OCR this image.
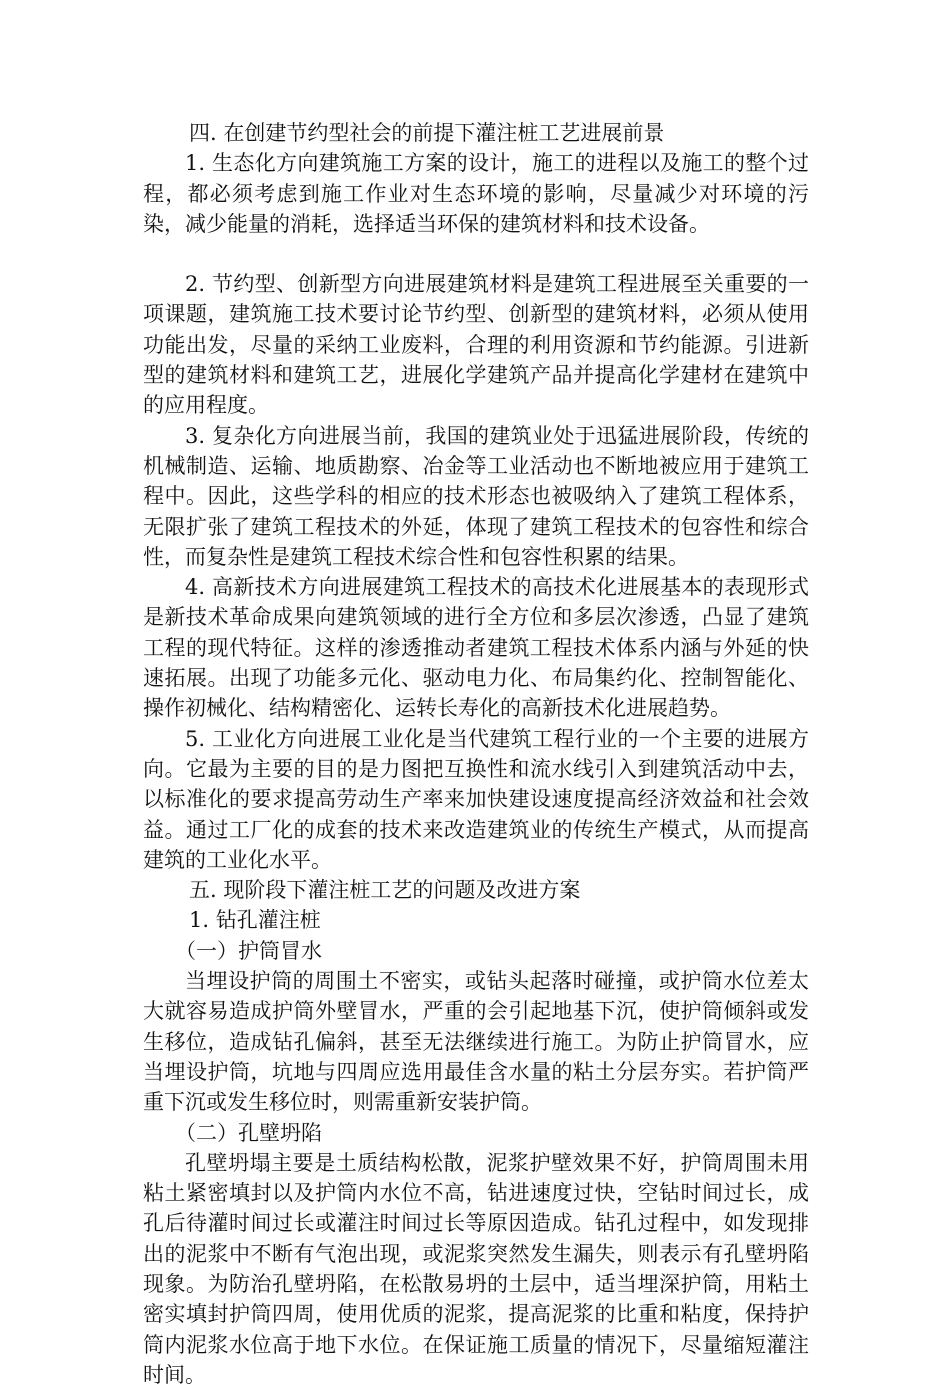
四. 在创建节约型社会的前提下灌注桩工艺进展前景

1. 生态化方向建筑施工方案的设计，施工的进程以及施工的整个过程，都必须考虑到施工作业对生态环境的影响，尽量减少对环境的污染，减少能量的消耗，选择适当环保的建筑材料和技术设备。

2. 节约型、创新型方向进展建筑材料是建筑工程进展至关重要的一项课题，建筑施工技术要讨论节约型、创新型的建筑材料，必须从使用功能出发，尽量的采纳工业废料，合理的利用资源和节约能源。引进新型的建筑材料和建筑工艺，进展化学建筑产品并提高化学建材在建筑中的应用程度。

3. 复杂化方向进展当前，我国的建筑业处于迅猛进展阶段，传统的机械制造、运输、地质勘察、冶金等工业活动也不断地被应用于建筑工程中。因此，这些学科的相应的技术形态也被吸纳入了建筑工程体系，无限扩张了建筑工程技术的外延，体现了建筑工程技术的包容性和综合性，而复杂性是建筑工程技术综合性和包容性积累的结果。

4. 高新技术方向进展建筑工程技术的高技术化进展基本的表现形式是新技术革命成果向建筑领域的进行全方位和多层次渗透，凸显了建筑工程的现代特征。这样的渗透推动者建筑工程技术体系内涵与外延的快速拓展。出现了功能多元化、驱动电力化、布局集约化、控制智能化、操作初械化、结构精密化、运转长寿化的高新技术化进展趋势。

5. 工业化方向进展工业化是当代建筑工程行业的一个主要的进展方向。它最为主要的目的是力图把互换性和流水线引入到建筑活动中去，以标准化的要求提高劳动生产率来加快建设速度提高经济效益和社会效益。通过工厂化的成套的技术来改造建筑业的传统生产模式，从而提高建筑的工业化水平。

五. 现阶段下灌注桩工艺的问题及改进方案

1. 钻孔灌注桩

（一）护筒冒水

当埋设护筒的周围土不密实，或钻头起落时碰撞，或护筒水位差太大就容易造成护筒外壁冒水，严重的会引起地基下沉，使护筒倾斜或发生移位，造成钻孔偏斜，甚至无法继续进行施工。为防止护筒冒水，应当埋设护筒，坑地与四周应选用最佳含水量的粘土分层夯实。若护筒严重下沉或发生移位时，则需重新安装护筒。

（二）孔壁坍陷

孔壁坍塌主要是土质结构松散，泥浆护壁效果不好，护筒周围未用粘土紧密填封以及护筒内水位不高，钻进速度过快，空钻时间过长，成孔后待灌时间过长或灌注时间过长等原因造成。钻孔过程中，如发现排出的泥浆中不断有气泡出现，或泥浆突然发生漏失，则表示有孔壁坍陷现象。为防治孔壁坍陷，在松散易坍的土层中，适当埋深护筒，用粘土密实填封护筒四周，使用优质的泥浆，提高泥浆的比重和粘度，保持护筒内泥浆水位高于地下水位。在保证施工质量的情况下，尽量缩短灌注时间。
